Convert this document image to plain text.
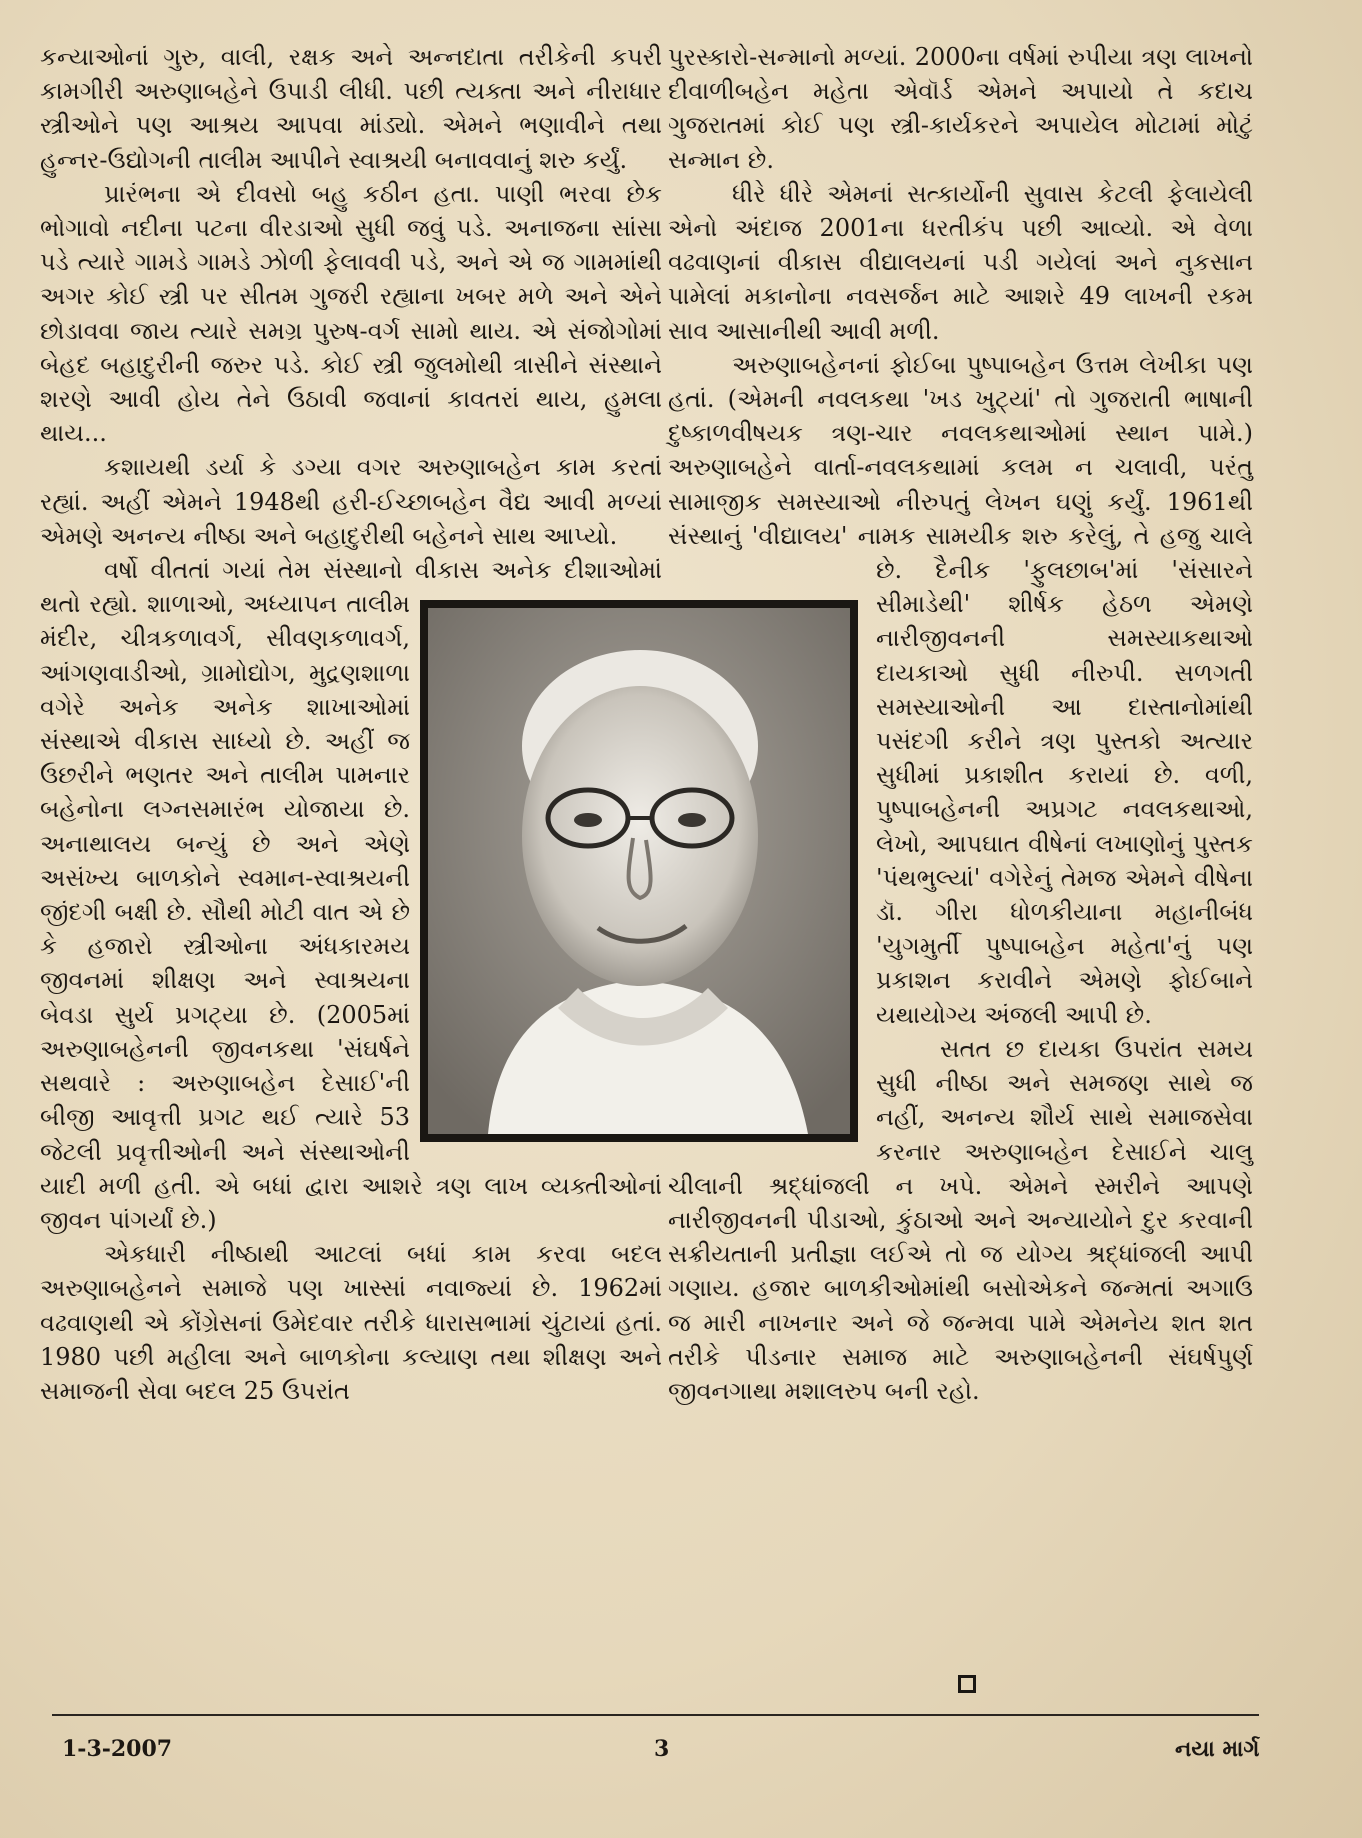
કન્યાઓનાં ગુરુ, વાલી, રક્ષક અને અન્નદાતા તરીકેની કપરી કામગીરી અરુણાબહેને ઉપાડી લીધી. પછી ત્યક્તા અને નીરાધાર સ્ત્રીઓને પણ આશ્રય આપવા માંડ્યો. એમને ભણાવીને તથા હુન્નર-ઉદ્યોગની તાલીમ આપીને સ્વાશ્રયી બનાવવાનું શરુ કર્યું.

પ્રારંભના એ દીવસો બહુ કઠીન હતા. પાણી ભરવા છેક ભોગાવો નદીના પટના વીરડાઓ સુધી જવું પડે. અનાજના સાંસા પડે ત્યારે ગામડે ગામડે ઝોળી ફેલાવવી પડે, અને એ જ ગામમાંથી અગર કોઈ સ્ત્રી પર સીતમ ગુજરી રહ્યાના ખબર મળે અને એને છોડાવવા જાય ત્યારે સમગ્ર પુરુષ-વર્ગ સામો થાય. એ સંજોગોમાં બેહદ બહાદુરીની જરુર પડે. કોઈ સ્ત્રી જુલમોથી ત્રાસીને સંસ્થાને શરણે આવી હોય તેને ઉઠાવી જવાનાં કાવતરાં થાય, હુમલા થાય...

કશાયથી ડર્યા કે ડગ્યા વગર અરુણાબહેન કામ કરતાં રહ્યાં. અહીં એમને 1948થી હરી-ઈચ્છાબહેન વૈદ્ય આવી મળ્યાં એમણે અનન્ય નીષ્ઠા અને બહાદુરીથી બહેનને સાથ આપ્યો.

વર્ષો વીતતાં ગયાં તેમ સંસ્થાનો વીકાસ અનેક દીશાઓમાં થતો રહ્યો. શાળાઓ, અધ્યાપન તાલીમ મંદીર, ચીત્રકળાવર્ગ, સીવણકળાવર્ગ, આંગણવાડીઓ, ગ્રામોદ્યોગ, મુદ્રણશાળા વગેરે અનેક અનેક શાખાઓમાં સંસ્થાએ વીકાસ સાધ્યો છે. અહીં જ ઉછરીને ભણતર અને તાલીમ પામનાર બહેનોના લગ્નસમારંભ યોજાયા છે. અનાથાલય બન્યું છે અને એણે અસંખ્ય બાળકોને સ્વમાન-સ્વાશ્રયની જીંદગી બક્ષી છે. સૌથી મોટી વાત એ છે કે હજારો સ્ત્રીઓના અંધકારમય જીવનમાં શીક્ષણ અને સ્વાશ્રયના બેવડા સુર્ય પ્રગટ્યા છે. (2005માં અરુણાબહેનની જીવનકથા 'સંઘર્ષને સથવારે : અરુણાબહેન દેસાઈ'ની બીજી આવૃત્તી પ્રગટ થઈ ત્યારે 53 જેટલી પ્રવૃત્તીઓની અને સંસ્થાઓની યાદી મળી હતી. એ બધાં દ્વારા આશરે ત્રણ લાખ વ્યક્તીઓનાં જીવન પાંગર્યાં છે.)

એકધારી નીષ્ઠાથી આટલાં બધાં કામ કરવા બદલ અરુણાબહેનને સમાજે પણ ખાસ્સાં નવાજ્યાં છે. 1962માં વઢવાણથી એ કોંગ્રેસનાં ઉમેદવાર તરીકે ધારાસભામાં ચુંટાયાં હતાં. 1980 પછી મહીલા અને બાળકોના કલ્યાણ તથા શીક્ષણ અને સમાજની સેવા બદલ 25 ઉપરાંત

પુરસ્કારો-સન્માનો મળ્યાં. 2000ના વર્ષમાં રુપીયા ત્રણ લાખનો દીવાળીબહેન મહેતા એવૉર્ડ એમને અપાયો તે કદાચ ગુજરાતમાં કોઈ પણ સ્ત્રી-કાર્યકરને અપાયેલ મોટામાં મોટું સન્માન છે.

ધીરે ધીરે એમનાં સત્કાર્યોની સુવાસ કેટલી ફેલાયેલી એનો અંદાજ 2001ના ધરતીકંપ પછી આવ્યો. એ વેળા વઢવાણનાં વીકાસ વીદ્યાલયનાં પડી ગયેલાં અને નુકસાન પામેલાં મકાનોના નવસર્જન માટે આશરે 49 લાખની રકમ સાવ આસાનીથી આવી મળી.

અરુણાબહેનનાં ફોઈબા પુષ્પાબહેન ઉત્તમ લેખીકા પણ હતાં. (એમની નવલકથા 'ખડ ખુટ્યાં' તો ગુજરાતી ભાષાની દુષ્કાળવીષયક ત્રણ-ચાર નવલકથાઓમાં સ્થાન પામે.) અરુણાબહેને વાર્તા-નવલકથામાં કલમ ન ચલાવી, પરંતુ સામાજીક સમસ્યાઓ નીરુપતું લેખન ઘણું કર્યું. 1961થી સંસ્થાનું 'વીદ્યાલય' નામક સામયીક શરુ કરેલું, તે હજુ ચાલે છે. દૈનીક 'ફુલછાબ'માં 'સંસારને સીમાડેથી' શીર્ષક હેઠળ એમણે નારીજીવનની સમસ્યાકથાઓ દાયકાઓ સુધી નીરુપી. સળગતી સમસ્યાઓની આ દાસ્તાનોમાંથી પસંદગી કરીને ત્રણ પુસ્તકો અત્યાર સુધીમાં પ્રકાશીત કરાયાં છે. વળી, પુષ્પાબહેનની અપ્રગટ નવલકથાઓ, લેખો, આપઘાત વીષેનાં લખાણોનું પુસ્તક 'પંથભુલ્યાં' વગેરેનું તેમજ એમને વીષેના ડૉ. ગીરા ધોળકીયાના મહાનીબંધ 'યુગમુર્તી પુષ્પાબહેન મહેતા'નું પણ પ્રકાશન કરાવીને એમણે ફોઈબાને યથાયોગ્ય અંજલી આપી છે.

સતત છ દાયકા ઉપરાંત સમય સુધી નીષ્ઠા અને સમજણ સાથે જ નહીં, અનન્ય શૌર્ય સાથે સમાજસેવા કરનાર અરુણાબહેન દેસાઈને ચાલુ ચીલાની શ્રદ્ધાંજલી ન ખપે. એમને સ્મરીને આપણે નારીજીવનની પીડાઓ, કુંઠાઓ અને અન્યાયોને દુર કરવાની સક્રીયતાની પ્રતીજ્ઞા લઈએ તો જ યોગ્ય શ્રદ્ધાંજલી આપી ગણાય. હજાર બાળકીઓમાંથી બસોએકને જન્મતાં અગાઉ જ મારી નાખનાર અને જે જન્મવા પામે એમનેય શત શત તરીકે પીડનાર સમાજ માટે અરુણાબહેનની સંઘર્ષપુર્ણ જીવનગાથા મશાલરુપ બની રહો.

1-3-2007	3	નયા માર્ગ
